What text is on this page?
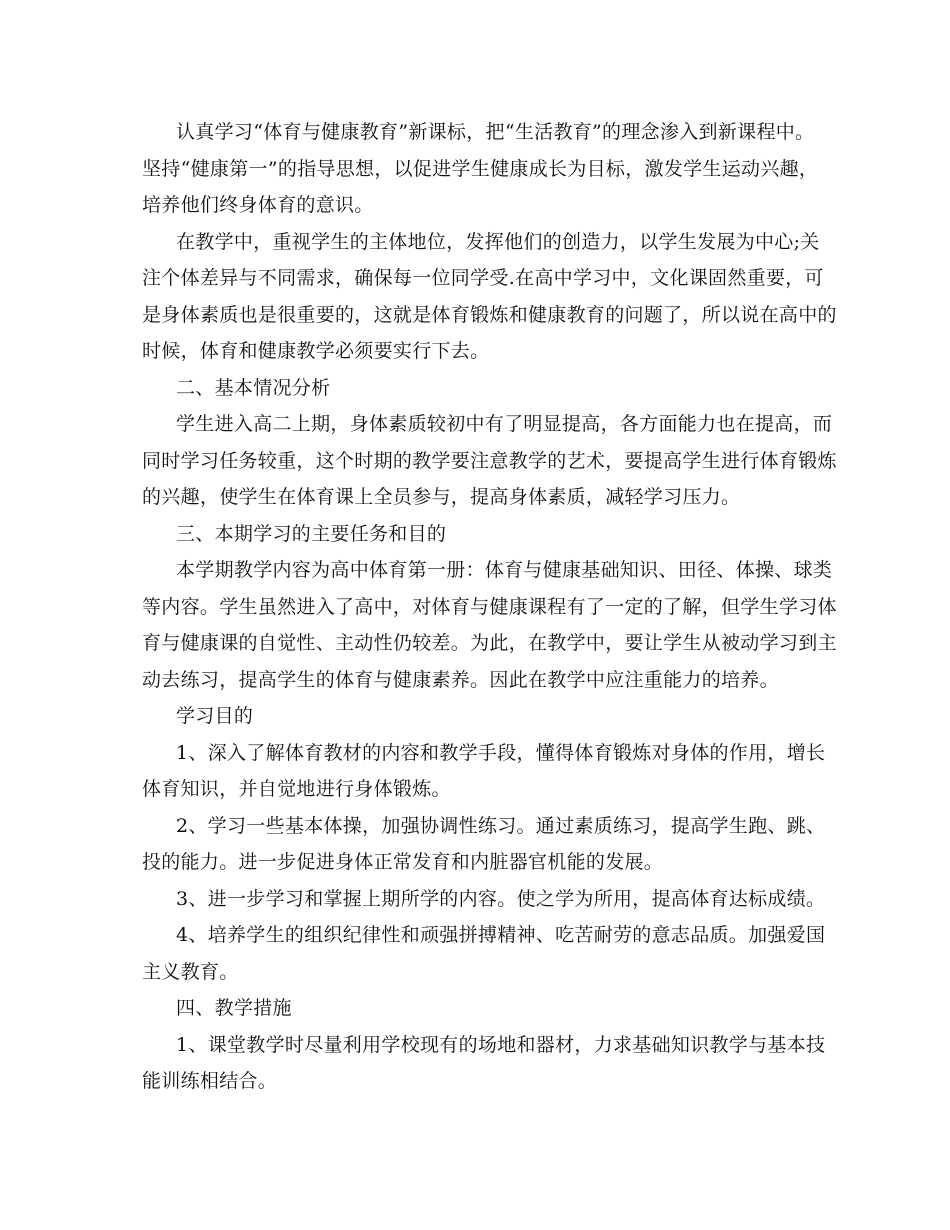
认真学习“体育与健康教育”新课标，把“生活教育”的理念渗入到新课程中。
坚持“健康第一”的指导思想，以促进学生健康成长为目标，激发学生运动兴趣，
培养他们终身体育的意识。
在教学中，重视学生的主体地位，发挥他们的创造力，以学生发展为中心;关
注个体差异与不同需求，确保每一位同学受.在高中学习中，文化课固然重要，可
是身体素质也是很重要的，这就是体育锻炼和健康教育的问题了，所以说在高中的
时候，体育和健康教学必须要实行下去。
二、基本情况分析
学生进入高二上期，身体素质较初中有了明显提高，各方面能力也在提高，而
同时学习任务较重，这个时期的教学要注意教学的艺术，要提高学生进行体育锻炼
的兴趣，使学生在体育课上全员参与，提高身体素质，减轻学习压力。
三、本期学习的主要任务和目的
本学期教学内容为高中体育第一册：体育与健康基础知识、田径、体操、球类
等内容。学生虽然进入了高中，对体育与健康课程有了一定的了解，但学生学习体
育与健康课的自觉性、主动性仍较差。为此，在教学中，要让学生从被动学习到主
动去练习，提高学生的体育与健康素养。因此在教学中应注重能力的培养。
学习目的
1、深入了解体育教材的内容和教学手段，懂得体育锻炼对身体的作用，增长
体育知识，并自觉地进行身体锻炼。
2、学习一些基本体操，加强协调性练习。通过素质练习，提高学生跑、跳、
投的能力。进一步促进身体正常发育和内脏器官机能的发展。
3、进一步学习和掌握上期所学的内容。使之学为所用，提高体育达标成绩。
4、培养学生的组织纪律性和顽强拼搏精神、吃苦耐劳的意志品质。加强爱国
主义教育。
四、教学措施
1、课堂教学时尽量利用学校现有的场地和器材，力求基础知识教学与基本技
能训练相结合。
